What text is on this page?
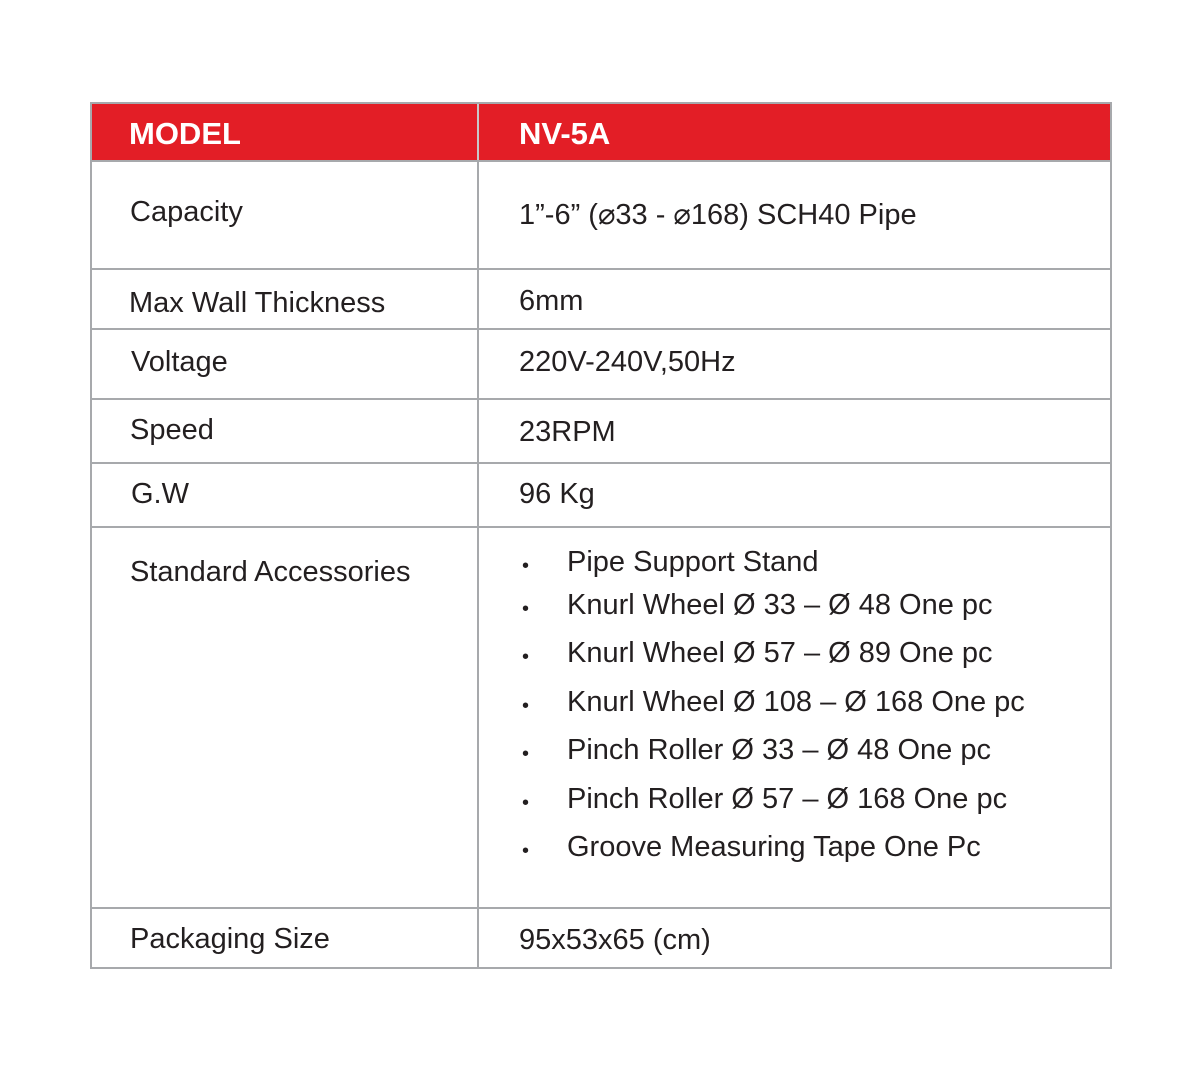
MODEL	NV-5A
Capacity	1”-6” (⌀33 - ⌀168) SCH40 Pipe
Max Wall Thickness	6mm
Voltage	220V-240V,50Hz
Speed	23RPM
G.W	96 Kg
Standard Accessories	• Pipe Support Stand
• Knurl Wheel Ø 33 – Ø 48 One pc
• Knurl Wheel Ø 57 – Ø 89 One pc
• Knurl Wheel Ø 108 – Ø 168 One pc
• Pinch Roller Ø 33 – Ø 48 One pc
• Pinch Roller Ø 57 – Ø 168 One pc
• Groove Measuring Tape One Pc
Packaging Size	95x53x65 (cm)
